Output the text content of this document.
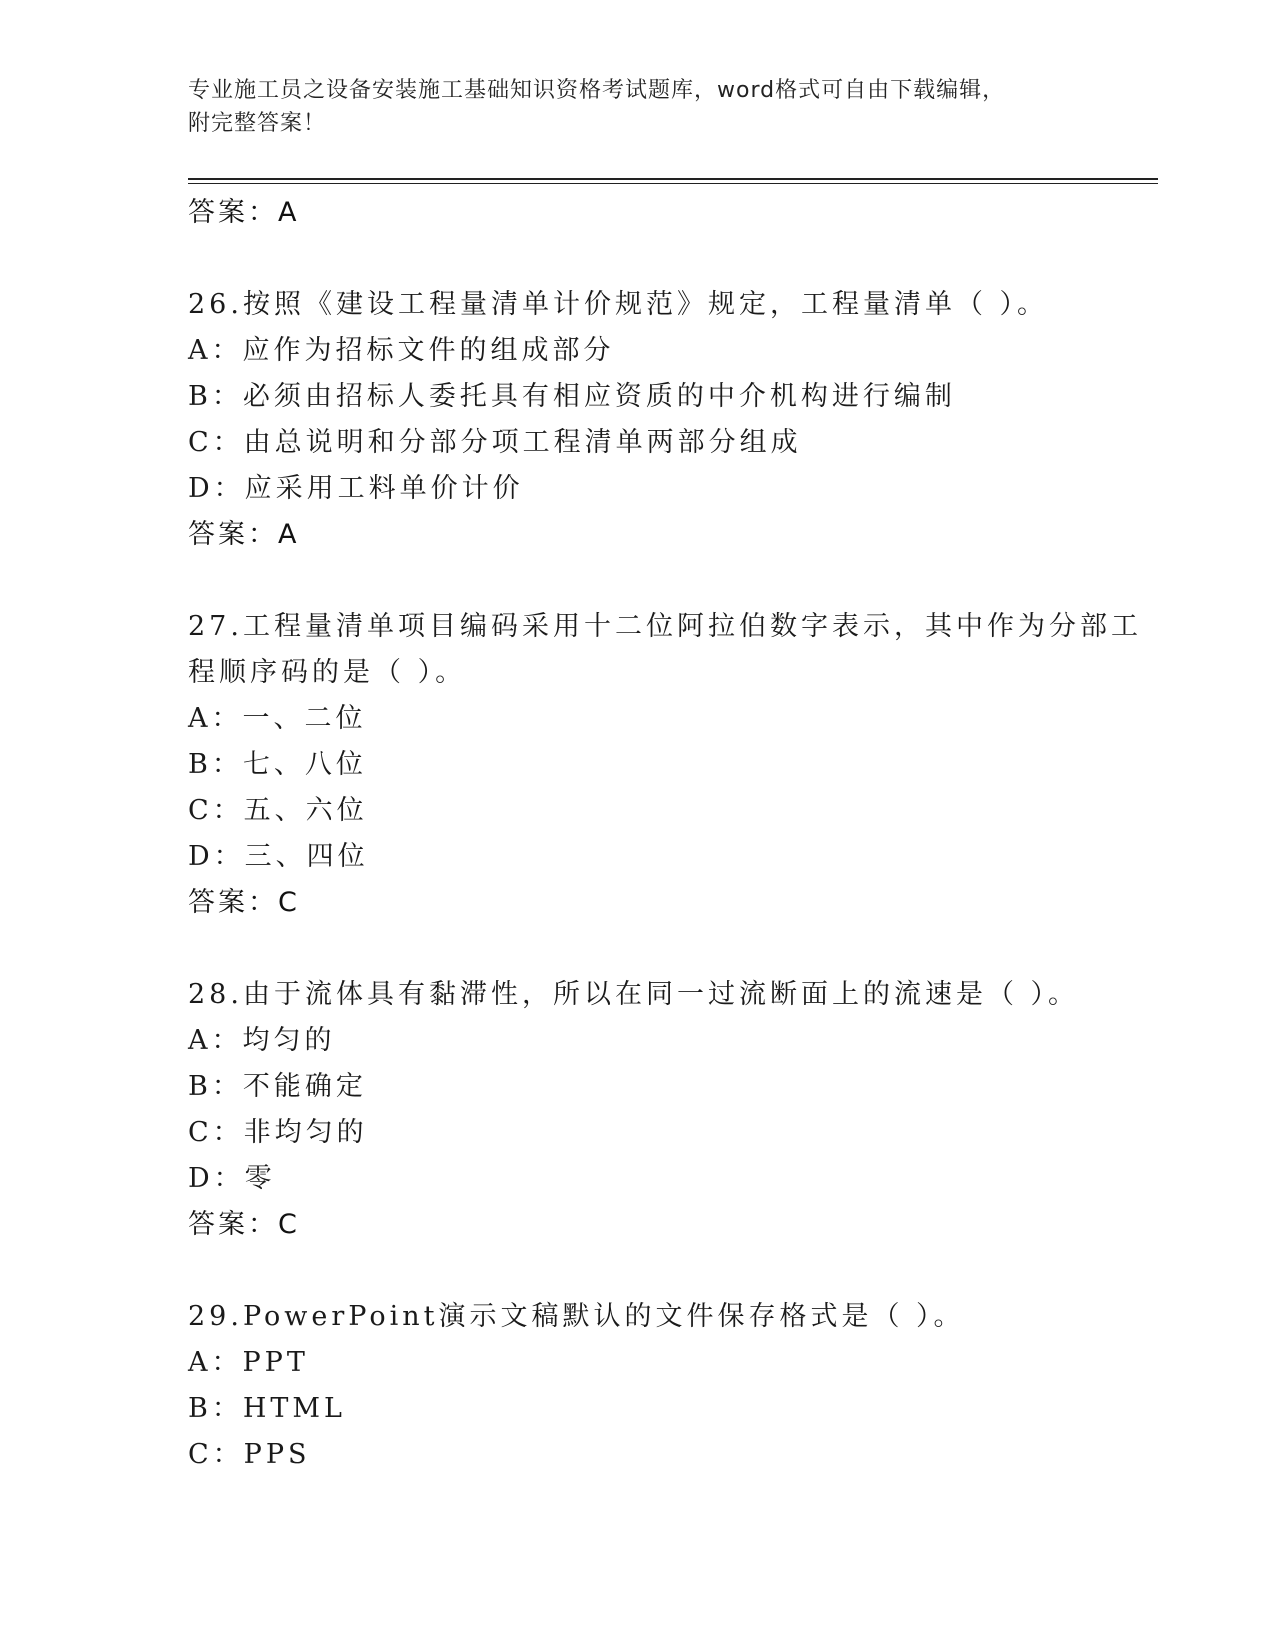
专业施工员之设备安装施工基础知识资格考试题库，word格式可自由下载编辑，
附完整答案！
答案：A
26.按照《建设工程量清单计价规范》规定，工程量清单（ ）。
A：应作为招标文件的组成部分
B：必须由招标人委托具有相应资质的中介机构进行编制
C：由总说明和分部分项工程清单两部分组成
D：应采用工料单价计价
答案：A
27.工程量清单项目编码采用十二位阿拉伯数字表示，其中作为分部工
程顺序码的是（ ）。
A：一、二位
B：七、八位
C：五、六位
D：三、四位
答案：C
28.由于流体具有黏滞性，所以在同一过流断面上的流速是（ ）。
A：均匀的
B：不能确定
C：非均匀的
D：零
答案：C
29.PowerPoint演示文稿默认的文件保存格式是（ ）。
A：PPT
B：HTML
C：PPS
